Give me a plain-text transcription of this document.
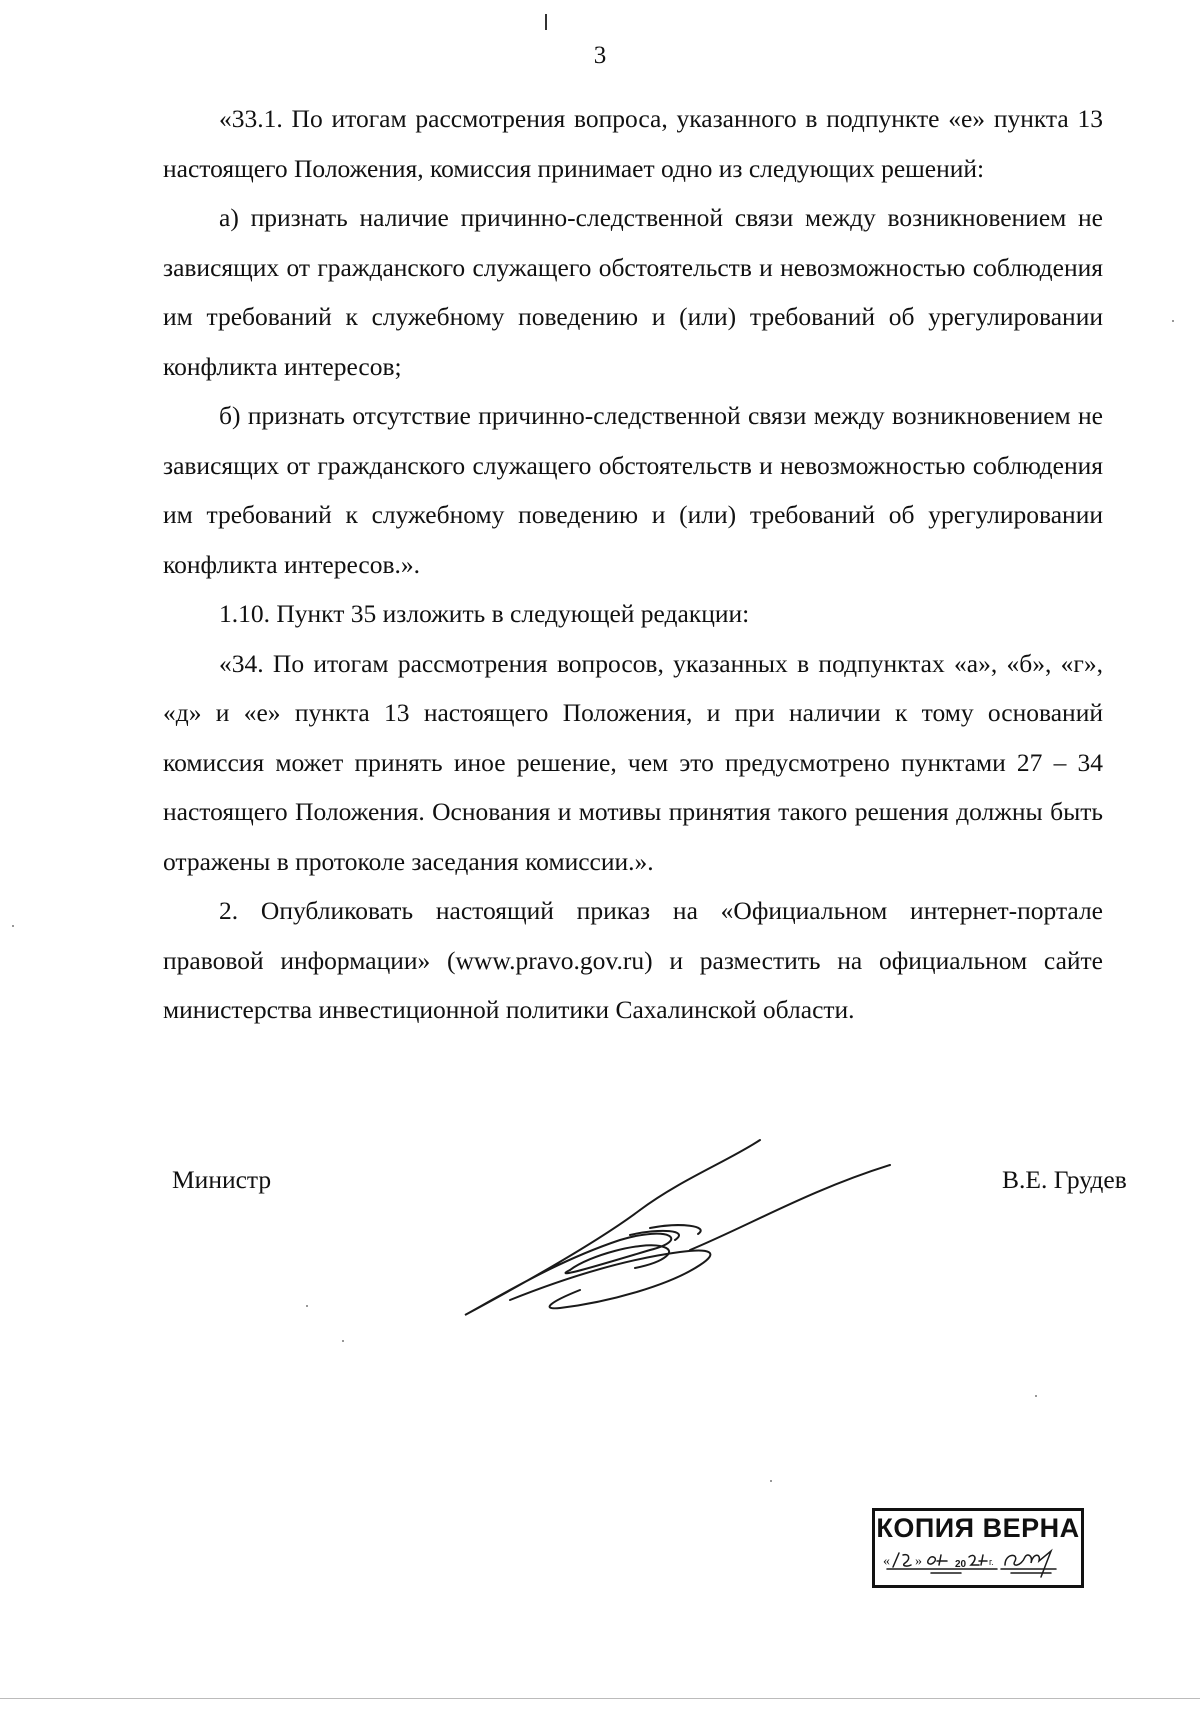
3

«33.1. По итогам рассмотрения вопроса, указанного в подпункте «е» пункта 13 настоящего Положения, комиссия принимает одно из следующих решений:

а) признать наличие причинно-следственной связи между возникновением не зависящих от гражданского служащего обстоятельств и невозможностью соблюдения им требований к служебному поведению и (или) требований об урегулировании конфликта интересов;

б) признать отсутствие причинно-следственной связи между возникновением не зависящих от гражданского служащего обстоятельств и невозможностью соблюдения им требований к служебному поведению и (или) требований об урегулировании конфликта интересов.».

1.10. Пункт 35 изложить в следующей редакции:

«34. По итогам рассмотрения вопросов, указанных в подпунктах «а», «б», «г», «д» и «е» пункта 13 настоящего Положения, и при наличии к тому оснований комиссия может принять иное решение, чем это предусмотрено пунктами 27 – 34 настоящего Положения. Основания и мотивы принятия такого решения должны быть отражены в протоколе заседания комиссии.».

2. Опубликовать настоящий приказ на «Официальном интернет-портале правовой информации» (www.pravo.gov.ru) и разместить на официальном сайте министерства инвестиционной политики Сахалинской области.

Министр	В.Е. Грудев
КОПИЯ ВЕРНА
« »	20	г.
